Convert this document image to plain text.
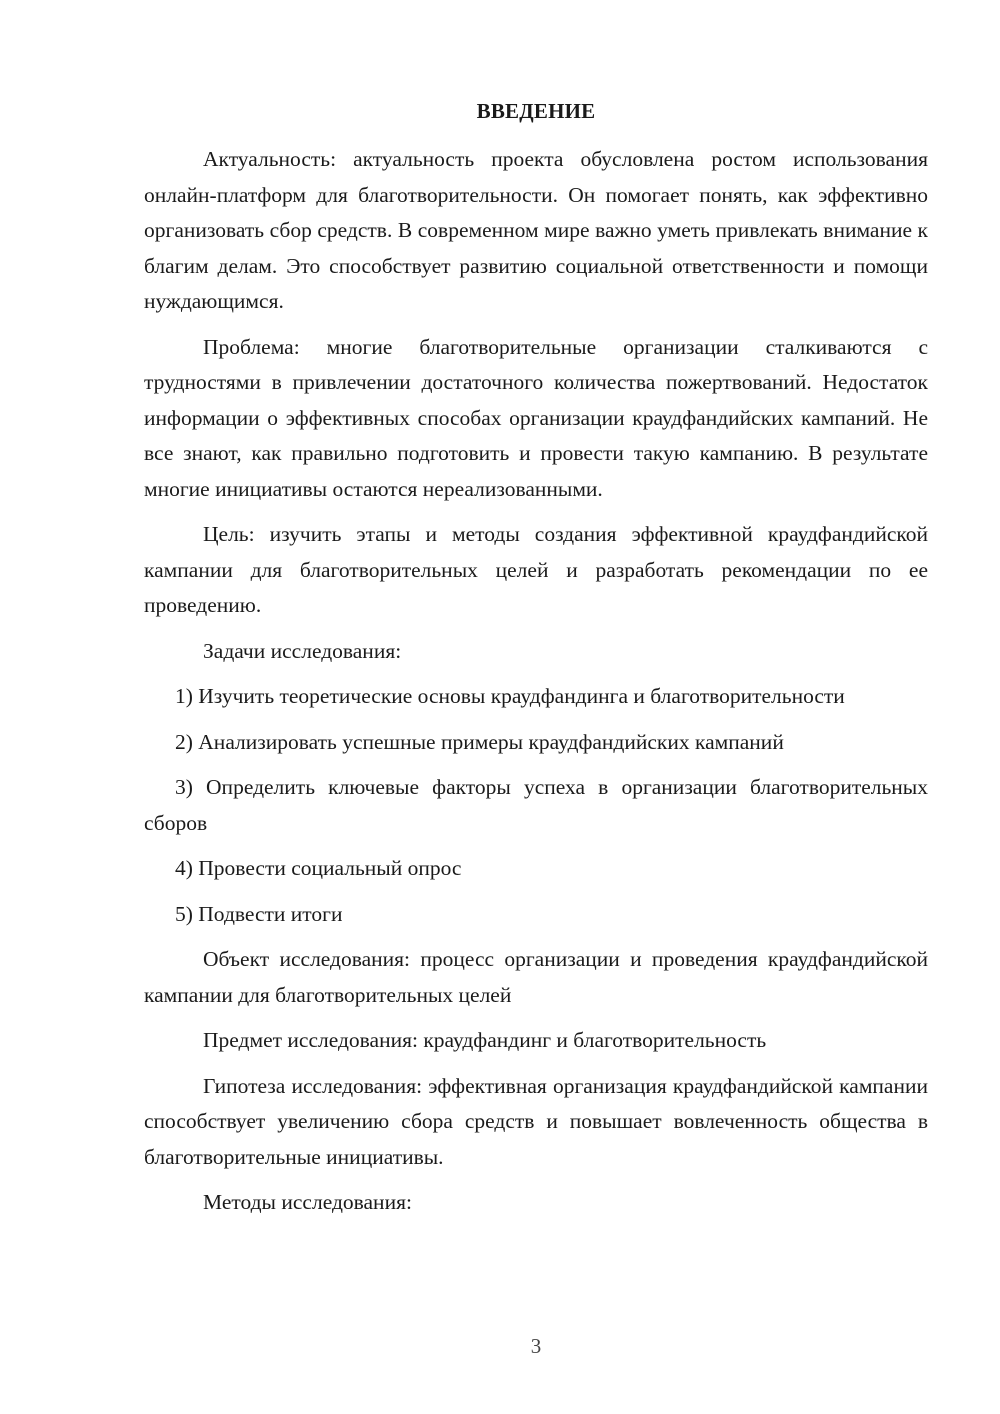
ВВЕДЕНИЕ

Актуальность: актуальность проекта обусловлена ростом использования онлайн-платформ для благотворительности. Он помогает понять, как эффективно организовать сбор средств. В современном мире важно уметь привлекать внимание к благим делам. Это способствует развитию социальной ответственности и помощи нуждающимся.

Проблема: многие благотворительные организации сталкиваются с трудностями в привлечении достаточного количества пожертвований. Недостаток информации о эффективных способах организации краудфандийских кампаний. Не все знают, как правильно подготовить и провести такую кампанию. В результате многие инициативы остаются нереализованными.

Цель: изучить этапы и методы создания эффективной краудфандийской кампании для благотворительных целей и разработать рекомендации по ее проведению.

Задачи исследования:

1) Изучить теоретические основы краудфандинга и благотворительности

2) Анализировать успешные примеры краудфандийских кампаний

3) Определить ключевые факторы успеха в организации благотворительных сборов

4) Провести социальный опрос

5) Подвести итоги

Объект исследования: процесс организации и проведения краудфандийской кампании для благотворительных целей

Предмет исследования: краудфандинг и благотворительность

Гипотеза исследования: эффективная организация краудфандийской кампании способствует увеличению сбора средств и повышает вовлеченность общества в благотворительные инициативы.

Методы исследования:

3
